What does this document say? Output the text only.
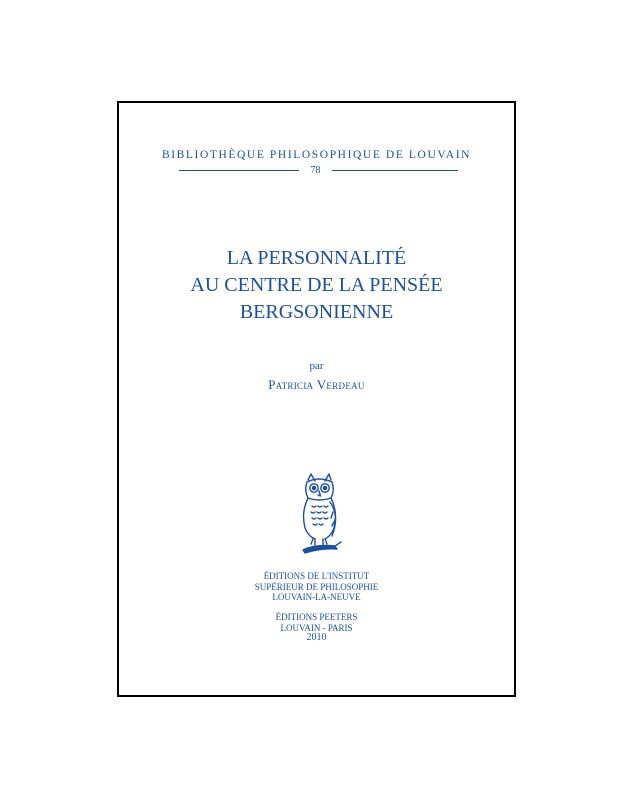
BIBLIOTHÈQUE PHILOSOPHIQUE DE LOUVAIN
78
LA PERSONNALITÉ
AU CENTRE DE LA PENSÉE
BERGSONIENNE
par
Patricia Verdeau
ÉDITIONS DE L'INSTITUT
SUPÉRIEUR DE PHILOSOPHIE
LOUVAIN-LA-NEUVE
ÉDITIONS PEETERS
LOUVAIN - PARIS
2010
